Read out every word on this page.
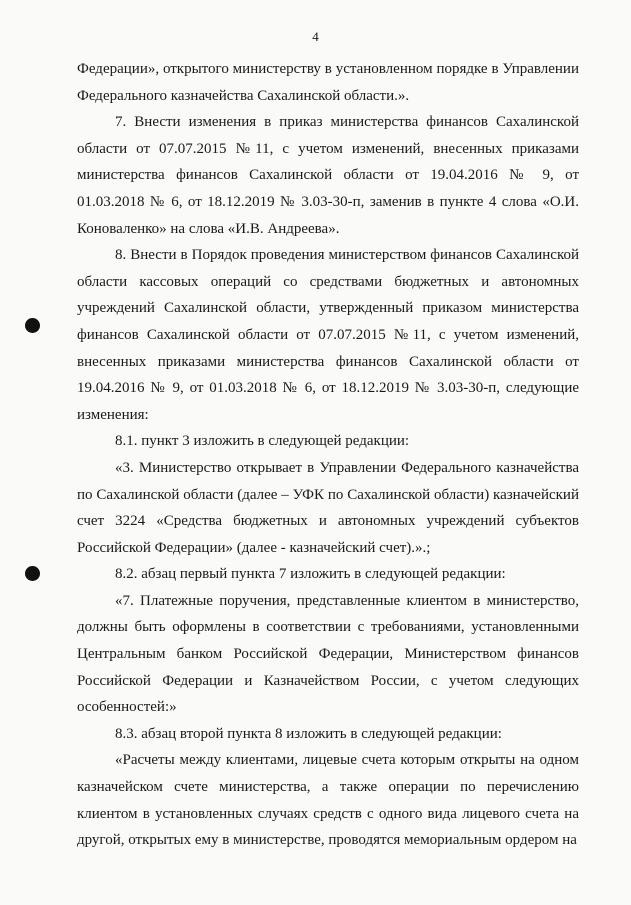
4

Федерации», открытого министерству в установленном порядке в Управлении Федерального казначейства Сахалинской области.».

7. Внести изменения в приказ министерства финансов Сахалинской области от 07.07.2015 №11, с учетом изменений, внесенных приказами министерства финансов Сахалинской области от 19.04.2016 № 9, от 01.03.2018 № 6, от 18.12.2019 № 3.03-30-п, заменив в пункте 4 слова «О.И. Коноваленко» на слова «И.В. Андреева».

8. Внести в Порядок проведения министерством финансов Сахалинской области кассовых операций со средствами бюджетных и автономных учреждений Сахалинской области, утвержденный приказом министерства финансов Сахалинской области от 07.07.2015 №11, с учетом изменений, внесенных приказами министерства финансов Сахалинской области от 19.04.2016 № 9, от 01.03.2018 № 6, от 18.12.2019 № 3.03-30-п, следующие изменения:

8.1. пункт 3 изложить в следующей редакции:

«3. Министерство открывает в Управлении Федерального казначейства по Сахалинской области (далее – УФК по Сахалинской области) казначейский счет 3224 «Средства бюджетных и автономных учреждений субъектов Российской Федерации» (далее - казначейский счет).».;

8.2. абзац первый пункта 7 изложить в следующей редакции:

«7. Платежные поручения, представленные клиентом в министерство, должны быть оформлены в соответствии с требованиями, установленными Центральным банком Российской Федерации, Министерством финансов Российской Федерации и Казначейством России, с учетом следующих особенностей:»

8.3. абзац второй пункта 8 изложить в следующей редакции:

«Расчеты между клиентами, лицевые счета которым открыты на одном казначейском счете министерства, а также операции по перечислению клиентом в установленных случаях средств с одного вида лицевого счета на другой, открытых ему в министерстве, проводятся мемориальным ордером на
